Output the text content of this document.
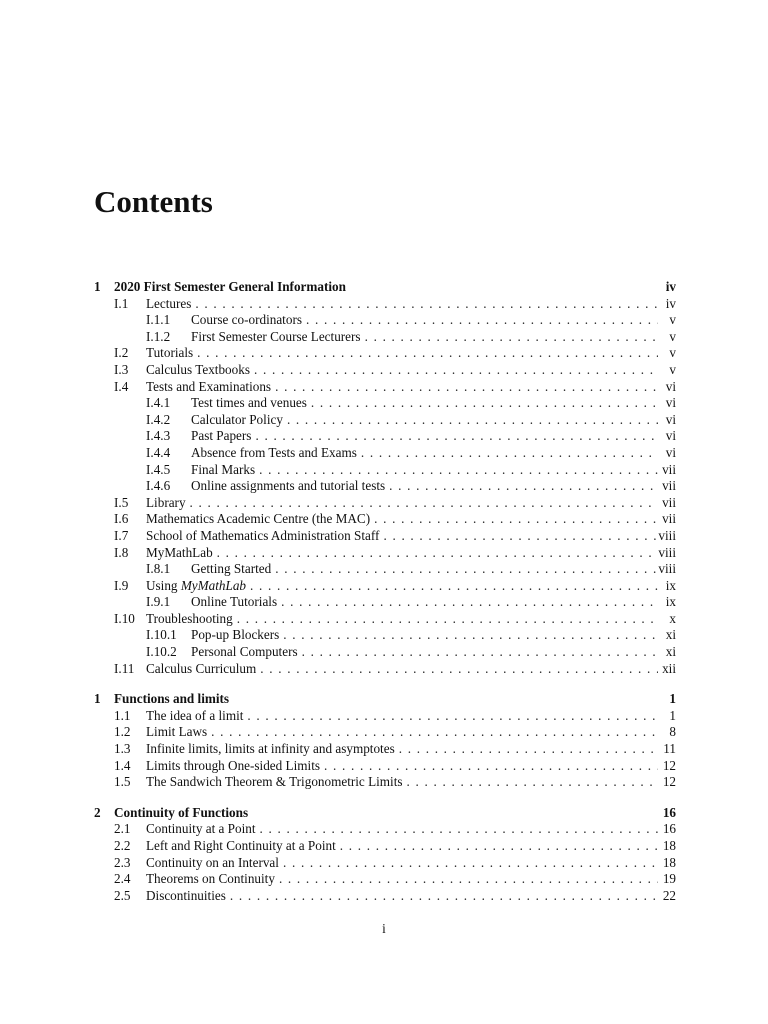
Contents
1	2020 First Semester General Information	iv
I.1	Lectures . . .	iv
I.1.1	Course co-ordinators . . .	v
I.1.2	First Semester Course Lecturers . . .	v
I.2	Tutorials . . .	v
I.3	Calculus Textbooks . . .	v
I.4	Tests and Examinations . . .	vi
I.4.1	Test times and venues . . .	vi
I.4.2	Calculator Policy . . .	vi
I.4.3	Past Papers . . .	vi
I.4.4	Absence from Tests and Exams . . .	vi
I.4.5	Final Marks . . .	vii
I.4.6	Online assignments and tutorial tests . . .	vii
I.5	Library . . .	vii
I.6	Mathematics Academic Centre (the MAC) . . .	vii
I.7	School of Mathematics Administration Staff . . .	viii
I.8	MyMathLab . . .	viii
I.8.1	Getting Started . . .	viii
I.9	Using MyMathLab . . .	ix
I.9.1	Online Tutorials . . .	ix
I.10 Troubleshooting . . .	x
I.10.1	Pop-up Blockers . . .	xi
I.10.2	Personal Computers . . .	xi
I.11 Calculus Curriculum . . .	xii
1	Functions and limits	1
1.1	The idea of a limit . . .	1
1.2	Limit Laws . . .	8
1.3	Infinite limits, limits at infinity and asymptotes . . .	11
1.4	Limits through One-sided Limits . . .	12
1.5	The Sandwich Theorem & Trigonometric Limits . . .	12
2	Continuity of Functions	16
2.1	Continuity at a Point . . .	16
2.2	Left and Right Continuity at a Point . . .	18
2.3	Continuity on an Interval . . .	18
2.4	Theorems on Continuity . . .	19
2.5	Discontinuities . . .	22
i
